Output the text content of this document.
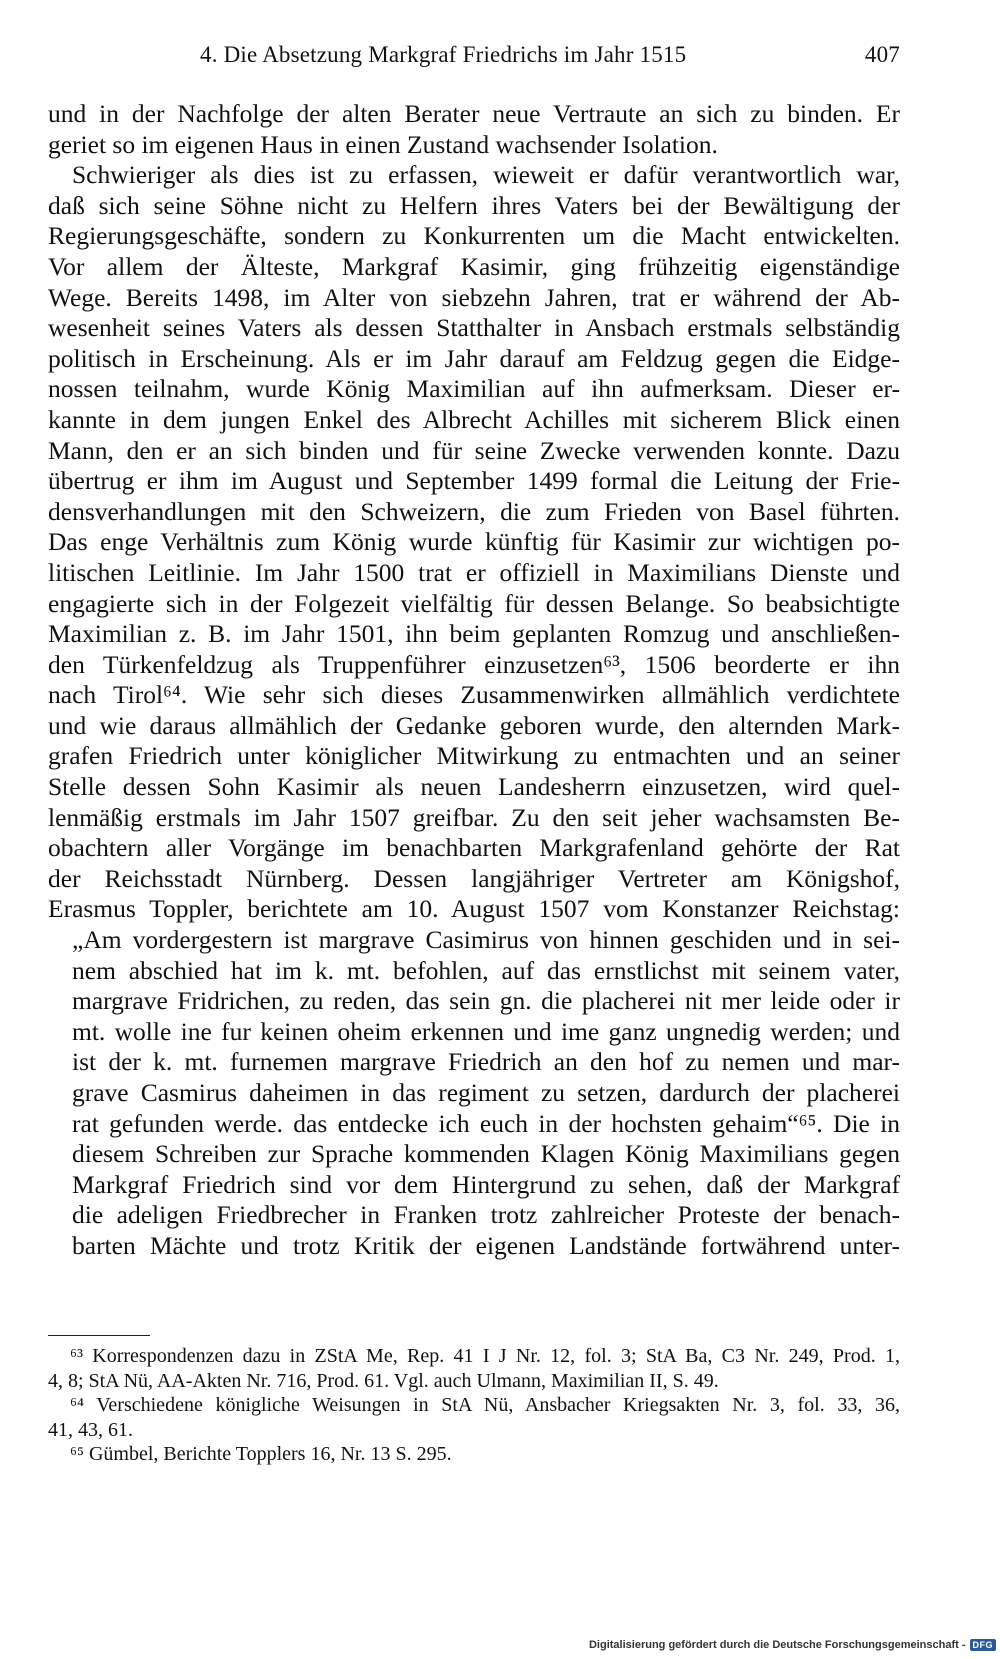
4. Die Absetzung Markgraf Friedrichs im Jahr 1515	407
und in der Nachfolge der alten Berater neue Vertraute an sich zu binden. Er
geriet so im eigenen Haus in einen Zustand wachsender Isolation.
Schwieriger als dies ist zu erfassen, wieweit er dafür verantwortlich war,
daß sich seine Söhne nicht zu Helfern ihres Vaters bei der Bewältigung der
Regierungsgeschäfte, sondern zu Konkurrenten um die Macht entwickelten.
Vor allem der Älteste, Markgraf Kasimir, ging frühzeitig eigenständige
Wege. Bereits 1498, im Alter von siebzehn Jahren, trat er während der Ab-
wesenheit seines Vaters als dessen Statthalter in Ansbach erstmals selbständig
politisch in Erscheinung. Als er im Jahr darauf am Feldzug gegen die Eidge-
nossen teilnahm, wurde König Maximilian auf ihn aufmerksam. Dieser er-
kannte in dem jungen Enkel des Albrecht Achilles mit sicherem Blick einen
Mann, den er an sich binden und für seine Zwecke verwenden konnte. Dazu
übertrug er ihm im August und September 1499 formal die Leitung der Frie-
densverhandlungen mit den Schweizern, die zum Frieden von Basel führten.
Das enge Verhältnis zum König wurde künftig für Kasimir zur wichtigen po-
litischen Leitlinie. Im Jahr 1500 trat er offiziell in Maximilians Dienste und
engagierte sich in der Folgezeit vielfältig für dessen Belange. So beabsichtigte
Maximilian z. B. im Jahr 1501, ihn beim geplanten Romzug und anschließen-
den Türkenfeldzug als Truppenführer einzusetzen⁶³, 1506 beorderte er ihn
nach Tirol⁶⁴. Wie sehr sich dieses Zusammenwirken allmählich verdichtete
und wie daraus allmählich der Gedanke geboren wurde, den alternden Mark-
grafen Friedrich unter königlicher Mitwirkung zu entmachten und an seiner
Stelle dessen Sohn Kasimir als neuen Landesherrn einzusetzen, wird quel-
lenmäßig erstmals im Jahr 1507 greifbar. Zu den seit jeher wachsamsten Be-
obachtern aller Vorgänge im benachbarten Markgrafenland gehörte der Rat
der Reichsstadt Nürnberg. Dessen langjähriger Vertreter am Königshof,
Erasmus Toppler, berichtete am 10. August 1507 vom Konstanzer Reichstag:
„Am vordergestern ist margrave Casimirus von hinnen geschiden und in sei-
nem abschied hat im k. mt. befohlen, auf das ernstlichst mit seinem vater,
margrave Fridrichen, zu reden, das sein gn. die placherei nit mer leide oder ir
mt. wolle ine fur keinen oheim erkennen und ime ganz ungnedig werden; und
ist der k. mt. furnemen margrave Friedrich an den hof zu nemen und mar-
grave Casmirus daheimen in das regiment zu setzen, dardurch der placherei
rat gefunden werde. das entdecke ich euch in der hochsten gehaim“⁶⁵. Die in
diesem Schreiben zur Sprache kommenden Klagen König Maximilians gegen
Markgraf Friedrich sind vor dem Hintergrund zu sehen, daß der Markgraf
die adeligen Friedbrecher in Franken trotz zahlreicher Proteste der benach-
barten Mächte und trotz Kritik der eigenen Landstände fortwährend unter-
⁶³ Korrespondenzen dazu in ZStA Me, Rep. 41 I J Nr. 12, fol. 3; StA Ba, C3 Nr. 249, Prod. 1,
4, 8; StA Nü, AA-Akten Nr. 716, Prod. 61. Vgl. auch Ulmann, Maximilian II, S. 49.
⁶⁴ Verschiedene königliche Weisungen in StA Nü, Ansbacher Kriegsakten Nr. 3, fol. 33, 36,
41, 43, 61.
⁶⁵ Gümbel, Berichte Topplers 16, Nr. 13 S. 295.
Digitalisierung gefördert durch die Deutsche Forschungsgemeinschaft - DFG
